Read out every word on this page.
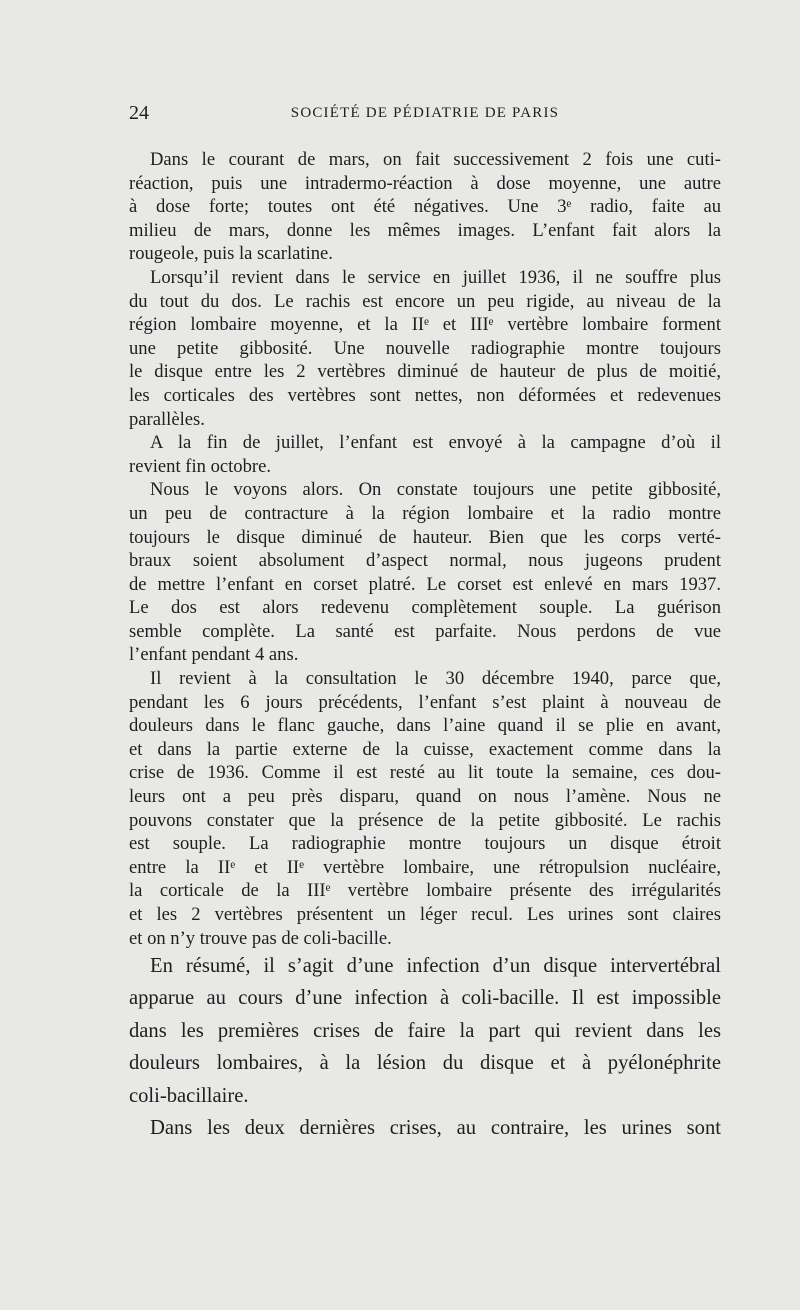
24	SOCIÉTÉ DE PÉDIATRIE DE PARIS
Dans le courant de mars, on fait successivement 2 fois une cuti-
réaction, puis une intradermo-réaction à dose moyenne, une autre
à dose forte; toutes ont été négatives. Une 3ᵉ radio, faite au
milieu de mars, donne les mêmes images. L’enfant fait alors la
rougeole, puis la scarlatine.
Lorsqu’il revient dans le service en juillet 1936, il ne souffre plus
du tout du dos. Le rachis est encore un peu rigide, au niveau de la
région lombaire moyenne, et la IIᵉ et IIIᵉ vertèbre lombaire forment
une petite gibbosité. Une nouvelle radiographie montre toujours
le disque entre les 2 vertèbres diminué de hauteur de plus de moitié,
les corticales des vertèbres sont nettes, non déformées et redevenues
parallèles.
A la fin de juillet, l’enfant est envoyé à la campagne d’où il
revient fin octobre.
Nous le voyons alors. On constate toujours une petite gibbosité,
un peu de contracture à la région lombaire et la radio montre
toujours le disque diminué de hauteur. Bien que les corps verté-
braux soient absolument d’aspect normal, nous jugeons prudent
de mettre l’enfant en corset platré. Le corset est enlevé en mars 1937.
Le dos est alors redevenu complètement souple. La guérison
semble complète. La santé est parfaite. Nous perdons de vue
l’enfant pendant 4 ans.
Il revient à la consultation le 30 décembre 1940, parce que,
pendant les 6 jours précédents, l’enfant s’est plaint à nouveau de
douleurs dans le flanc gauche, dans l’aine quand il se plie en avant,
et dans la partie externe de la cuisse, exactement comme dans la
crise de 1936. Comme il est resté au lit toute la semaine, ces dou-
leurs ont a peu près disparu, quand on nous l’amène. Nous ne
pouvons constater que la présence de la petite gibbosité. Le rachis
est souple. La radiographie montre toujours un disque étroit
entre la IIᵉ et IIᵉ vertèbre lombaire, une rétropulsion nucléaire,
la corticale de la IIIᵉ vertèbre lombaire présente des irrégularités
et les 2 vertèbres présentent un léger recul. Les urines sont claires
et on n’y trouve pas de coli-bacille.
En résumé, il s’agit d’une infection d’un disque intervertébral
apparue au cours d’une infection à coli-bacille. Il est impossible
dans les premières crises de faire la part qui revient dans les
douleurs lombaires, à la lésion du disque et à pyélonéphrite
coli-bacillaire.
Dans les deux dernières crises, au contraire, les urines sont
